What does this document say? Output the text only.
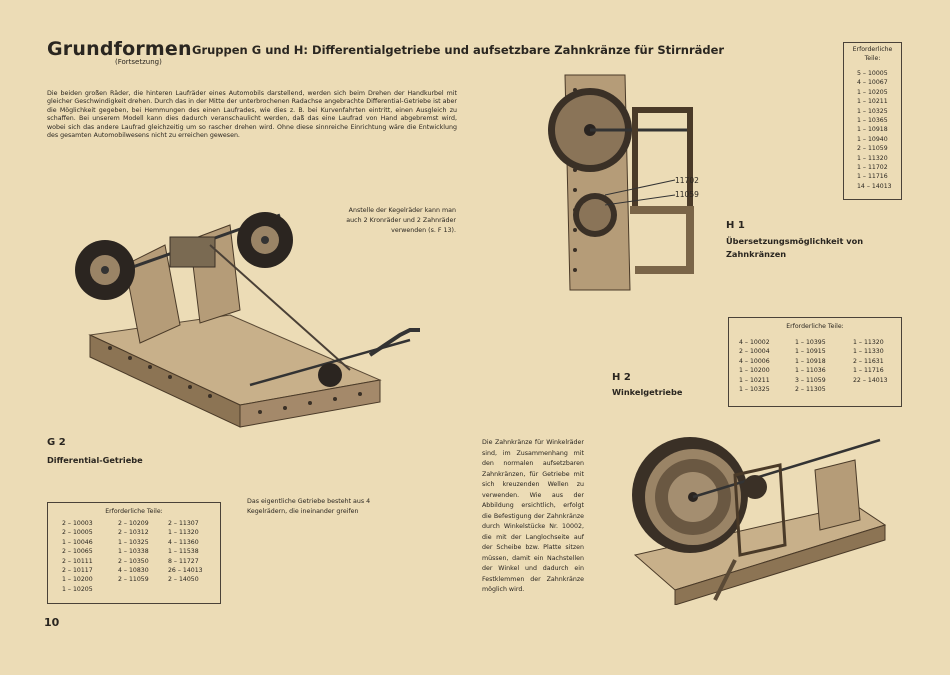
Grundformen
(Fortsetzung)
Gruppen G und H: Differentialgetriebe und aufsetzbare Zahnkränze für Stirnräder
Die beiden großen Räder, die hinteren Laufräder eines Automobils darstellend, werden sich beim Drehen der Handkurbel mit gleicher Geschwindigkeit drehen. Durch das in der Mitte der unterbrochenen Radachse angebrachte Differential-Getriebe ist aber die Möglichkeit gegeben, bei Hemmungen des einen Laufrades, wie dies z. B. bei Kurvenfahrten eintritt, einen Ausgleich zu schaffen. Bei unserem Modell kann dies dadurch veranschaulicht werden, daß das eine Laufrad von Hand abgebremst wird, wobei sich das andere Laufrad gleichzeitig um so rascher drehen wird. Ohne diese sinnreiche Einrichtung wäre die Entwicklung des gesamten Automobilwesens nicht zu erreichen gewesen.
Anstelle der Kegelräder kann man auch 2 Kronräder und 2 Zahnräder verwenden (s. F 13).
G 2
Differential-Getriebe
Erforderliche Teile:
2 – 10003
2 – 10005
1 – 10046
2 – 10065
2 – 10111
2 – 10117
1 – 10200
1 – 10205
2 – 10209
2 – 10312
1 – 10325
1 – 10338
2 – 10350
4 – 10830
2 – 11059
2 – 11307
1 – 11320
4 – 11360
1 – 11538
8 – 11727
26 – 14013
2 – 14050
Das eigentliche Getriebe besteht aus 4 Kegelrädern, die ineinander greifen
11702
11059
H 1
Übersetzungsmöglichkeit von Zahnkränzen
Erforderliche Teile:
5 – 10005
4 – 10067
1 – 10205
1 – 10211
1 – 10325
1 – 10365
1 – 10918
1 – 10940
2 – 11059
1 – 11320
1 – 11702
1 – 11716
14 – 14013
Erforderliche Teile:
4 – 10002
2 – 10004
4 – 10006
1 – 10200
1 – 10211
1 – 10325
1 – 10395
1 – 10915
1 – 10918
1 – 11036
3 – 11059
2 – 11305
1 – 11320
1 – 11330
2 – 11631
1 – 11716
22 – 14013
H 2
Winkelgetriebe
Die Zahnkränze für Winkelräder sind, im Zusammenhang mit den normalen aufsetzbaren Zahnkränzen, für Getriebe mit sich kreuzenden Wellen zu verwenden. Wie aus der Abbildung ersichtlich, erfolgt die Befestigung der Zahnkränze durch Winkelstücke Nr. 10002, die mit der Langlochseite auf der Scheibe bzw. Platte sitzen müssen, damit ein Nachstellen der Winkel und dadurch ein Festklemmen der Zahnkränze möglich wird.
10
